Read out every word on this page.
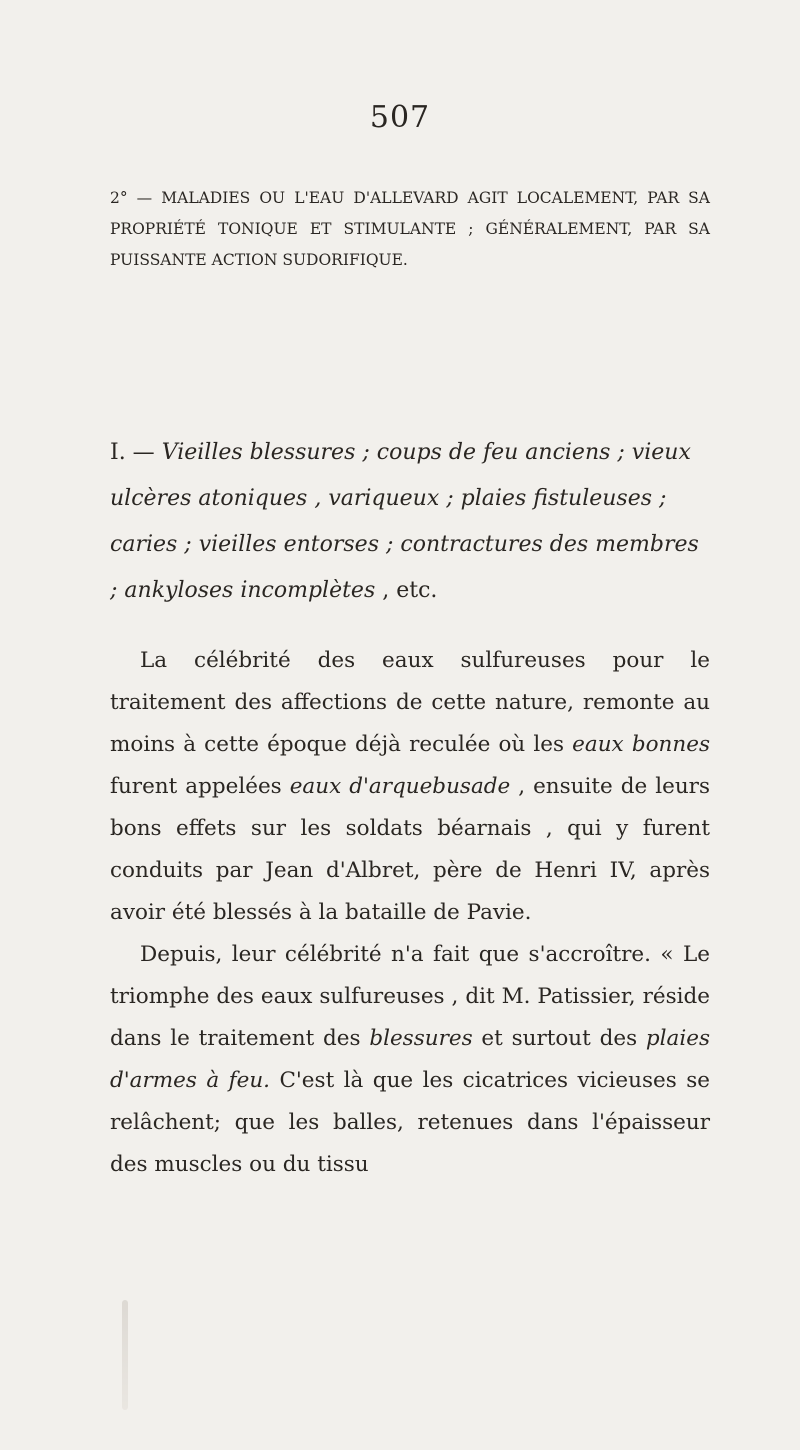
507
2° — MALADIES OU L'EAU D'ALLEVARD AGIT LOCALEMENT, PAR SA PROPRIÉTÉ TONIQUE ET STIMULANTE ; GÉNÉRALEMENT, PAR SA PUISSANTE ACTION SUDORIFIQUE.
I. — Vieilles blessures ; coups de feu anciens ; vieux ulcères atoniques , variqueux ; plaies fistuleuses ; caries ; vieilles entorses ; contractures des membres ; ankyloses incomplètes , etc.

La célébrité des eaux sulfureuses pour le traitement des affections de cette nature, remonte au moins à cette époque déjà reculée où les eaux bonnes furent appelées eaux d'arquebusade , ensuite de leurs bons effets sur les soldats béarnais , qui y furent conduits par Jean d'Albret, père de Henri IV, après avoir été blessés à la bataille de Pavie.

Depuis, leur célébrité n'a fait que s'accroître. « Le triomphe des eaux sulfureuses , dit M. Patissier, réside dans le traitement des blessures et surtout des plaies d'armes à feu. C'est là que les cicatrices vicieuses se relâchent; que les balles, retenues dans l'épaisseur des muscles ou du tissu
